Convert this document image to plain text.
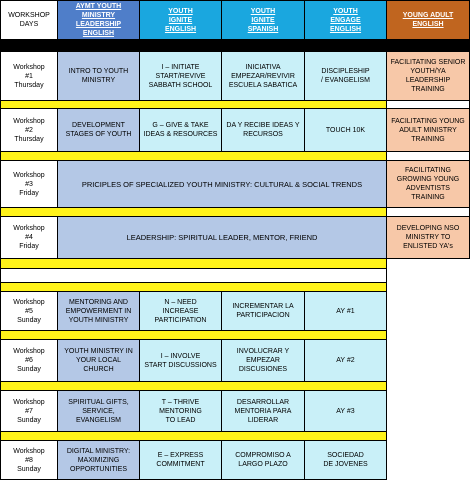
WORKSHOP
DAYS
AYMT YOUTH
MINISTRY
LEADERSHIP
ENGLISH
YOUTH
IGNITE
ENGLISH
YOUTH
IGNITE
SPANISH
YOUTH
ENGAGE
ENGLISH
YOUNG ADULT
ENGLISH
Workshop
#1
Thursday
INTRO TO YOUTH
MINISTRY
I – INITIATE
START/REVIVE
SABBATH SCHOOL
INICIATIVA
EMPEZAR/REVIVIR
ESCUELA SABATICA
DISCIPLESHIP
/ EVANGELISM
FACILITATING SENIOR
YOUTH/YA
LEADERSHIP
TRAINING
Workshop
#2
Thursday
DEVELOPMENT
STAGES OF YOUTH
G – GIVE & TAKE
IDEAS & RESOURCES
DA Y RECIBE IDEAS Y
RECURSOS
TOUCH 10K
FACILITATING YOUNG
ADULT MINISTRY
TRAINING
Workshop
#3
Friday
PRICIPLES OF SPECIALIZED YOUTH MINISTRY: CULTURAL & SOCIAL TRENDS
FACILITATING
GROWING YOUNG
ADVENTISTS
TRAINING
Workshop
#4
Friday
LEADERSHIP: SPIRITUAL LEADER, MENTOR, FRIEND
DEVELOPING NSO
MINISTRY TO
ENLISTED YA's
Workshop
#5
Sunday
MENTORING AND
EMPOWERMENT IN
YOUTH MINISTRY
N – NEED
INCREASE
PARTICIPATION
INCREMENTAR LA
PARTICIPACION
AY #1
Workshop
#6
Sunday
YOUTH MINISTRY IN
YOUR LOCAL CHURCH
I – INVOLVE
START DISCUSSIONS
INVOLUCRAR Y
EMPEZAR
DISCUSIONES
AY #2
Workshop
#7
Sunday
SPIRITUAL GIFTS,
SERVICE,
EVANGELISM
T – THRIVE
MENTORING
TO LEAD
DESARROLLAR
MENTORIA PARA
LIDERAR
AY #3
Workshop
#8
Sunday
DIGITAL MINISTRY:
MAXIMIZING
OPPORTUNITIES
E – EXPRESS
COMMITMENT
COMPROMISO A
LARGO PLAZO
SOCIEDAD
DE JOVENES
